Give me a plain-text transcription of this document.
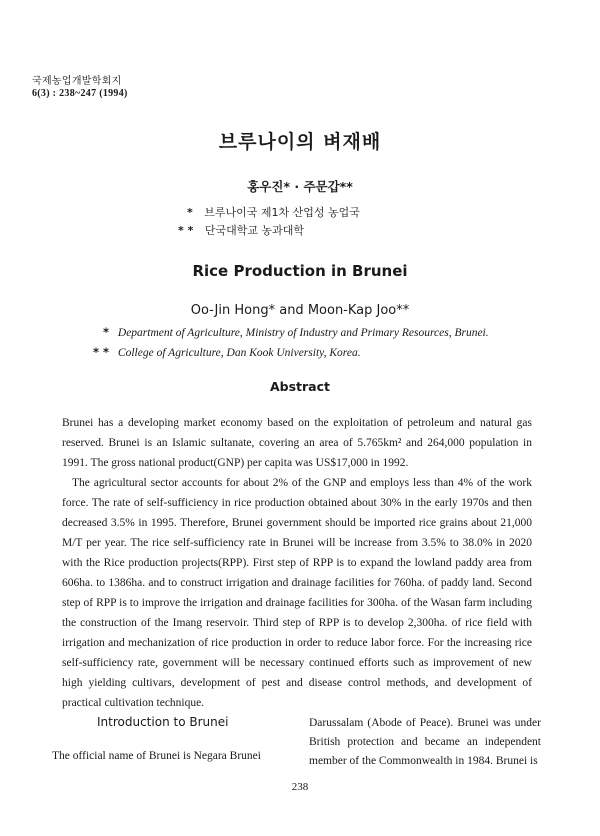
국제농업개발학회지
6(3) : 238~247 (1994)
브루나이의 벼재배
홍우진* · 주문갑**
* 브루나이국 제1차 산업성 농업국
* * 단국대학교 농과대학
Rice Production in Brunei
Oo-Jin Hong* and Moon-Kap Joo**
* Department of Agriculture, Ministry of Industry and Primary Resources, Brunei.
* * College of Agriculture, Dan Kook University, Korea.
Abstract

Brunei has a developing market economy based on the exploitation of petroleum and natural gas reserved. Brunei is an Islamic sultanate, covering an area of 5.765km² and 264,000 population in 1991. The gross national product(GNP) per capita was US$17,000 in 1992.

The agricultural sector accounts for about 2% of the GNP and employs less than 4% of the work force. The rate of self-sufficiency in rice production obtained about 30% in the early 1970s and then decreased 3.5% in 1995. Therefore, Brunei government should be imported rice grains about 21,000 M/T per year. The rice self-sufficiency rate in Brunei will be increase from 3.5% to 38.0% in 2020 with the Rice production projects(RPP). First step of RPP is to expand the lowland paddy area from 606ha. to 1386ha. and to construct irrigation and drainage facilities for 760ha. of paddy land. Second step of RPP is to improve the irrigation and drainage facilities for 300ha. of the Wasan farm including the construction of the Imang reservoir. Third step of RPP is to develop 2,300ha. of rice field with irrigation and mechanization of rice production in order to reduce labor force. For the increasing rice self-sufficiency rate, government will be necessary continued efforts such as improvement of new high yielding cultivars, development of pest and disease control methods, and development of practical cultivation technique.

Introduction to Brunei
The official name of Brunei is Negara Brunei
Darussalam (Abode of Peace). Brunei was under British protection and became an independent member of the Commonwealth in 1984. Brunei is
238
